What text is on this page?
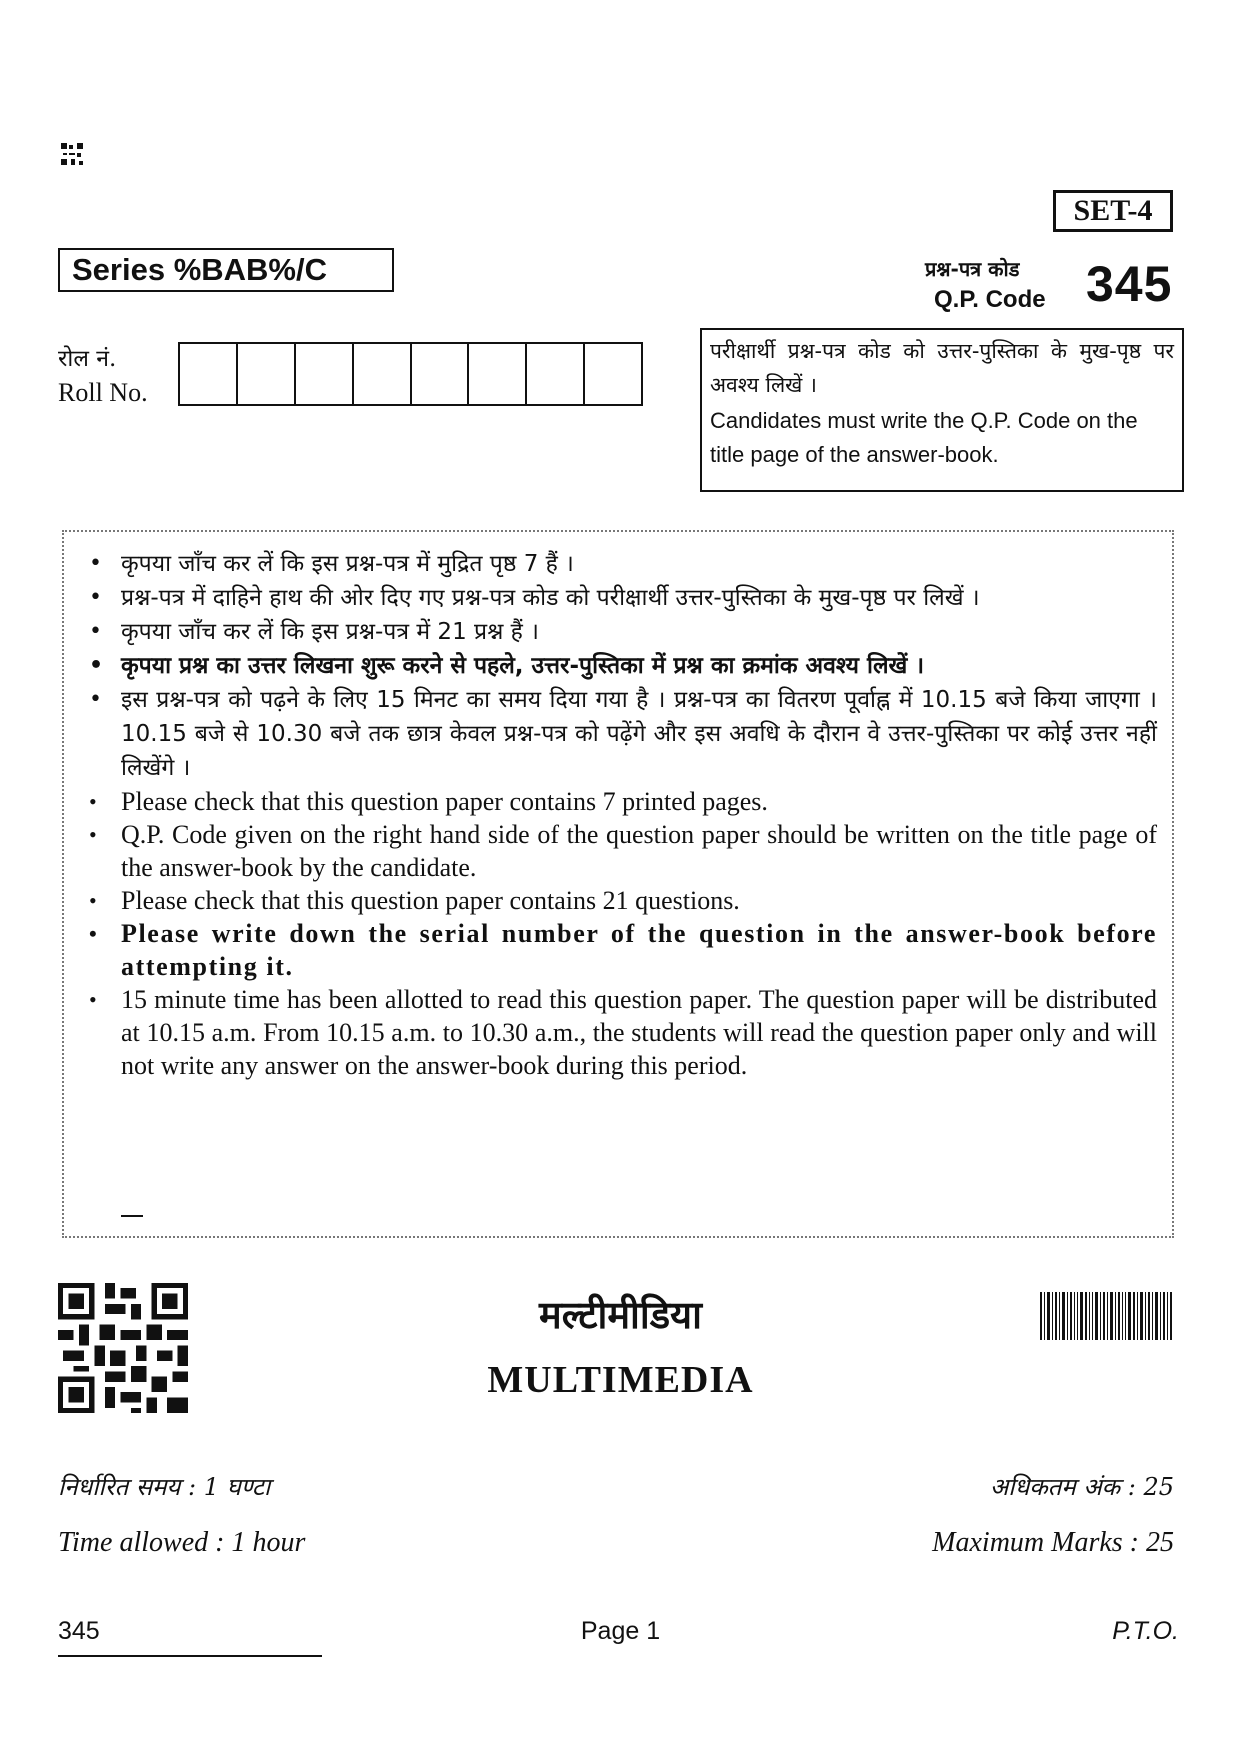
SET-4
Series %BAB%/C	प्रश्न-पत्र कोड
Q.P. Code 345
रोल नं.
Roll No.
परीक्षार्थी प्रश्न-पत्र कोड को उत्तर-पुस्तिका के मुख-पृष्ठ पर अवश्य लिखें ।
Candidates must write the Q.P. Code on the title page of the answer-book.
• कृपया जाँच कर लें कि इस प्रश्न-पत्र में मुद्रित पृष्ठ 7 हैं ।
• प्रश्न-पत्र में दाहिने हाथ की ओर दिए गए प्रश्न-पत्र कोड को परीक्षार्थी उत्तर-पुस्तिका के मुख-पृष्ठ पर लिखें ।
• कृपया जाँच कर लें कि इस प्रश्न-पत्र में 21 प्रश्न हैं ।
• कृपया प्रश्न का उत्तर लिखना शुरू करने से पहले, उत्तर-पुस्तिका में प्रश्न का क्रमांक अवश्य लिखें ।
• इस प्रश्न-पत्र को पढ़ने के लिए 15 मिनट का समय दिया गया है । प्रश्न-पत्र का वितरण पूर्वाह्न में 10.15 बजे किया जाएगा । 10.15 बजे से 10.30 बजे तक छात्र केवल प्रश्न-पत्र को पढ़ेंगे और इस अवधि के दौरान वे उत्तर-पुस्तिका पर कोई उत्तर नहीं लिखेंगे ।
• Please check that this question paper contains 7 printed pages.
• Q.P. Code given on the right hand side of the question paper should be written on the title page of the answer-book by the candidate.
• Please check that this question paper contains 21 questions.
• Please write down the serial number of the question in the answer-book before attempting it.
• 15 minute time has been allotted to read this question paper. The question paper will be distributed at 10.15 a.m. From 10.15 a.m. to 10.30 a.m., the students will read the question paper only and will not write any answer on the answer-book during this period.
मल्टीमीडिया
MULTIMEDIA
निर्धारित समय : 1 घण्टा
Time allowed : 1 hour
अधिकतम अंक : 25
Maximum Marks : 25
345	Page 1	P.T.O.
